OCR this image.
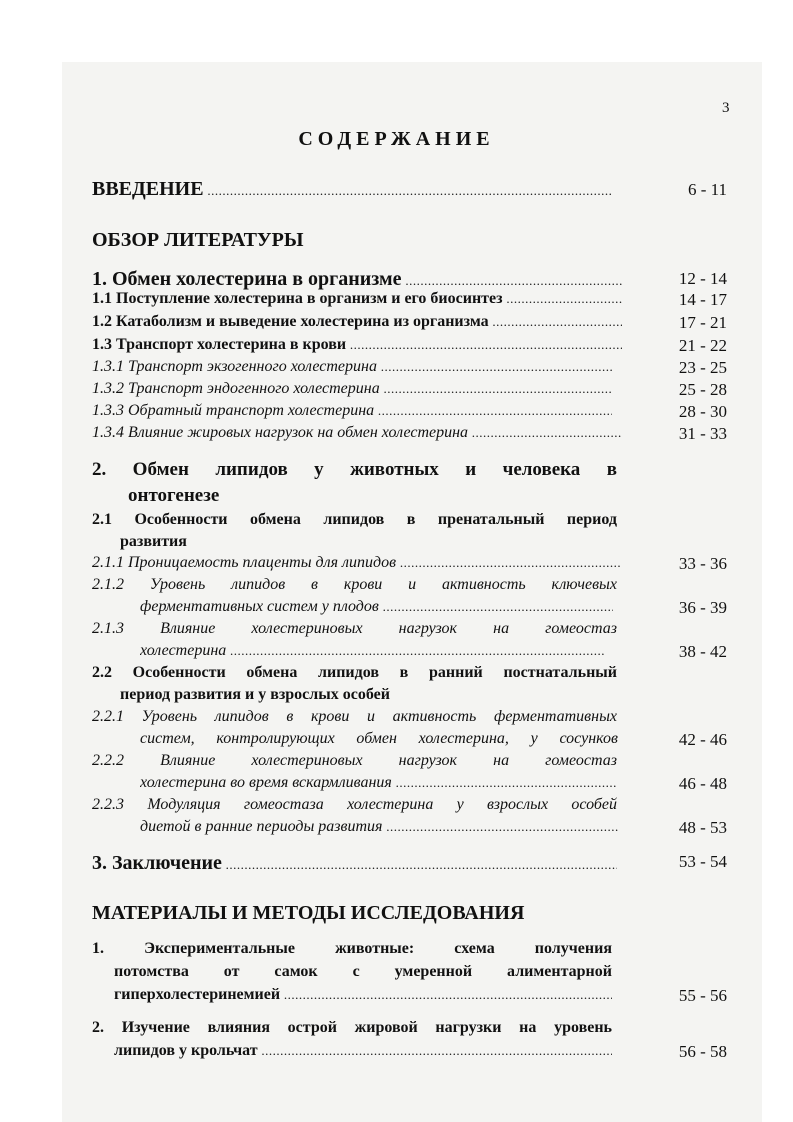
3
СОДЕРЖАНИЕ
ВВЕДЕНИЕ .....	6 - 11
ОБЗОР ЛИТЕРАТУРЫ
1. Обмен холестерина в организме .....	12 - 14
1.1 Поступление холестерина в организм и его биосинтез .....	14 - 17
1.2 Катаболизм и выведение холестерина из организма .....	17 - 21
1.3 Транспорт холестерина в крови .....	21 - 22
1.3.1 Транспорт экзогенного холестерина .....	23 - 25
1.3.2 Транспорт эндогенного холестерина .....	25 - 28
1.3.3 Обратный транспорт холестерина .....	28 - 30
1.3.4 Влияние жировых нагрузок на обмен холестерина .....	31 - 33
2. Обмен липидов у животных и человека в
онтогенезе
2.1 Особенности обмена липидов в пренатальный период
развития
2.1.1 Проницаемость плаценты для липидов .....	33 - 36
2.1.2 Уровень липидов в крови и активность ключевых
ферментативных систем у плодов .....	36 - 39
2.1.3 Влияние холестериновых нагрузок на гомеостаз
холестерина .....	38 - 42
2.2 Особенности обмена липидов в ранний постнатальный
период развития и у взрослых особей
2.2.1 Уровень липидов в крови и активность ферментативных
систем, контролирующих обмен холестерина, у сосунков	42 - 46
2.2.2 Влияние холестериновых нагрузок на гомеостаз
холестерина во время вскармливания .....	46 - 48
2.2.3 Модуляция гомеостаза холестерина у взрослых особей
диетой в ранние периоды развития .....	48 - 53
3. Заключение .....	53 - 54
МАТЕРИАЛЫ И МЕТОДЫ ИССЛЕДОВАНИЯ
1. Экспериментальные животные: схема получения
потомства от самок с умеренной алиментарной
гиперхолестеринемией .....	55 - 56
2. Изучение влияния острой жировой нагрузки на уровень
липидов у крольчат .....	56 - 58
